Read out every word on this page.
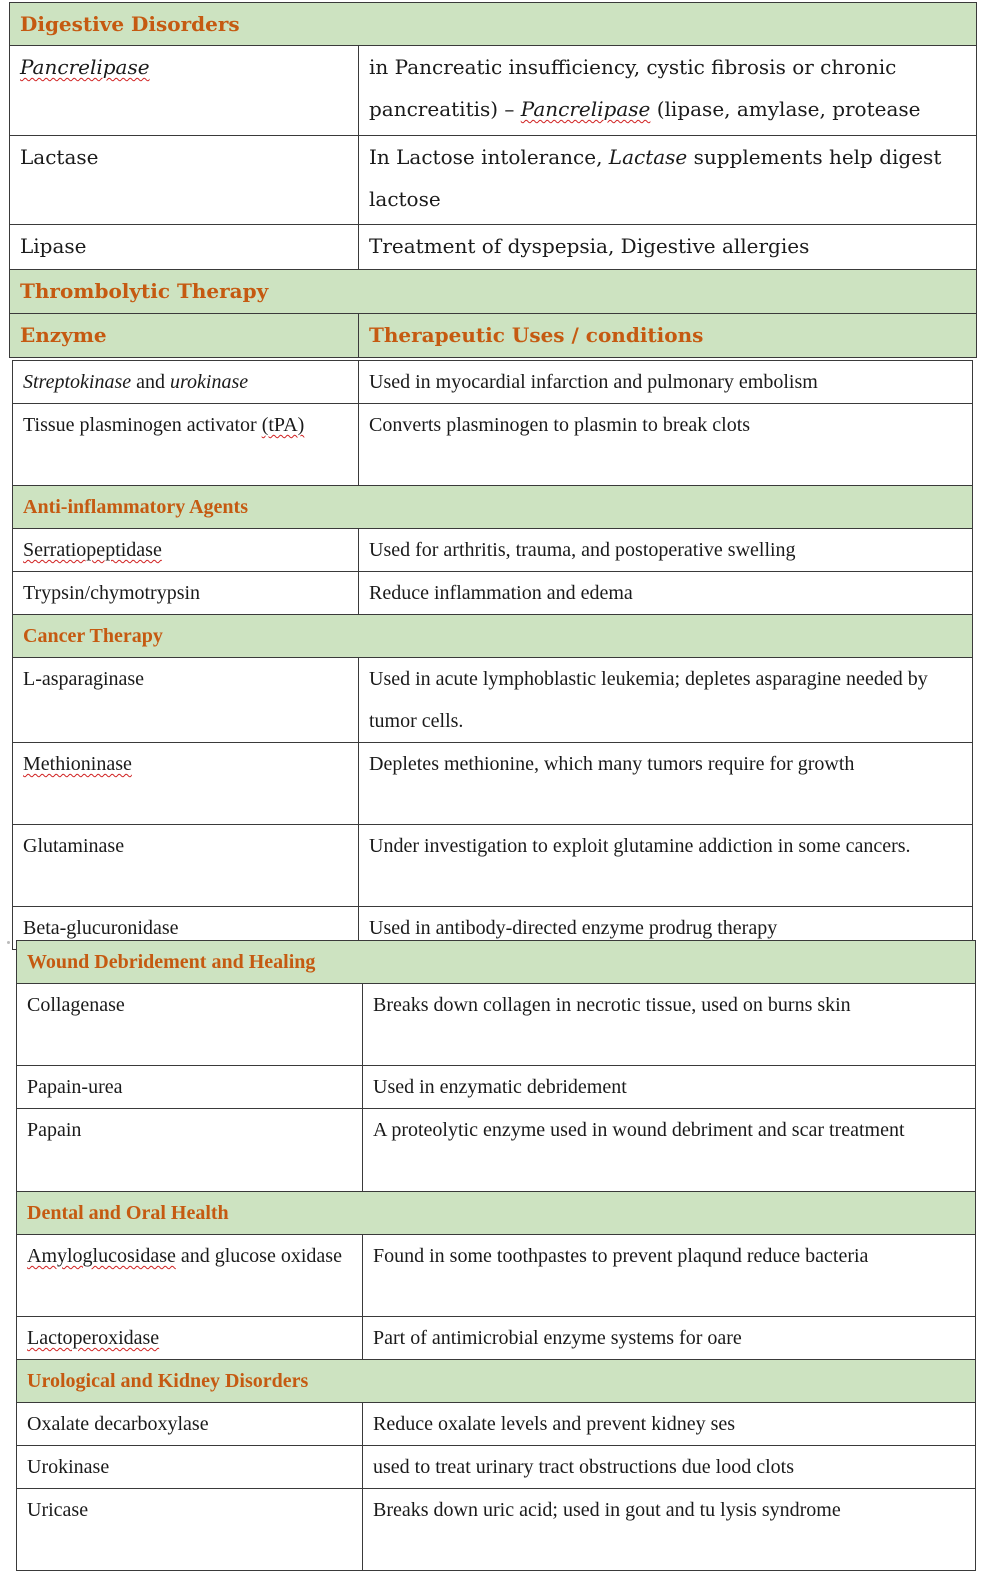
Digestive Disorders	
Pancrelipase	in Pancreatic insufficiency, cystic fibrosis or chronic pancreatitis) – Pancrelipase (lipase, amylase, protease
Lactase	In Lactose intolerance, Lactase supplements help digest lactose
Lipase	Treatment of dyspepsia, Digestive allergies
Thrombolytic Therapy	
Enzyme	Therapeutic Uses / conditions
Streptokinase and urokinase	Used in myocardial infarction and pulmonary embolism
Tissue plasminogen activator (tPA)	Converts plasminogen to plasmin to break clots
Anti-inflammatory Agents	
Serratiopeptidase	Used for arthritis, trauma, and postoperative swelling
Trypsin/chymotrypsin	Reduce inflammation and edema
Cancer Therapy	
L-asparaginase	Used in acute lymphoblastic leukemia; depletes asparagine needed by tumor cells.
Methioninase	Depletes methionine, which many tumors require for growth
Glutaminase	Under investigation to exploit glutamine addiction in some cancers.
Beta-glucuronidase	Used in antibody-directed enzyme prodrug therapy
Wound Debridement and Healing	
Collagenase	Breaks down collagen in necrotic tissue, used on burns skin
Papain-urea	Used in enzymatic debridement
Papain	A proteolytic enzyme used in wound debriment and scar treatment
Dental and Oral Health	
Amyloglucosidase and glucose oxidase	Found in some toothpastes to prevent plaqund reduce bacteria
Lactoperoxidase	Part of antimicrobial enzyme systems for oare
Urological and Kidney Disorders	
Oxalate decarboxylase	Reduce oxalate levels and prevent kidney ses
Urokinase	used to treat urinary tract obstructions due lood clots
Uricase	Breaks down uric acid; used in gout and tu lysis syndrome
